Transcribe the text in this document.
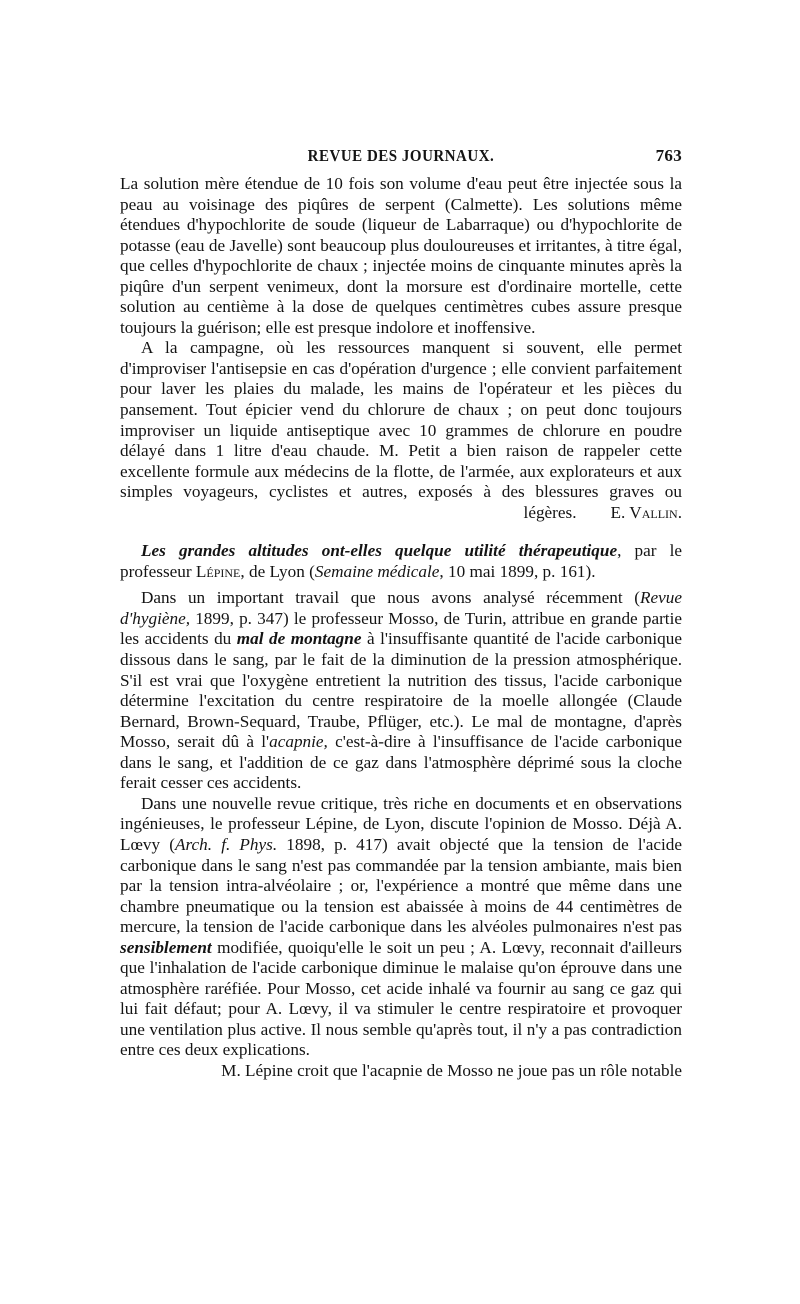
REVUE DES JOURNAUX.	763

La solution mère étendue de 10 fois son volume d'eau peut être injectée sous la peau au voisinage des piqûres de serpent (Calmette). Les solutions même étendues d'hypochlorite de soude (liqueur de Labarraque) ou d'hypochlorite de potasse (eau de Javelle) sont beaucoup plus douloureuses et irritantes, à titre égal, que celles d'hypochlorite de chaux ; injectée moins de cinquante minutes après la piqûre d'un serpent venimeux, dont la morsure est d'ordinaire mortelle, cette solution au centième à la dose de quelques centimètres cubes assure presque toujours la guérison; elle est presque indolore et inoffensive.

A la campagne, où les ressources manquent si souvent, elle permet d'improviser l'antisepsie en cas d'opération d'urgence ; elle convient parfaitement pour laver les plaies du malade, les mains de l'opérateur et les pièces du pansement. Tout épicier vend du chlorure de chaux ; on peut donc toujours improviser un liquide antiseptique avec 10 grammes de chlorure en poudre délayé dans 1 litre d'eau chaude. M. Petit a bien raison de rappeler cette excellente formule aux médecins de la flotte, de l'armée, aux explorateurs et aux simples voyageurs, cyclistes et autres, exposés à des blessures graves ou légères. E. Vallin.

Les grandes altitudes ont-elles quelque utilité thérapeutique, par le professeur Lépine, de Lyon (Semaine médicale, 10 mai 1899, p. 161).

Dans un important travail que nous avons analysé récemment (Revue d'hygiène, 1899, p. 347) le professeur Mosso, de Turin, attribue en grande partie les accidents du mal de montagne à l'insuffisante quantité de l'acide carbonique dissous dans le sang, par le fait de la diminution de la pression atmosphérique. S'il est vrai que l'oxygène entretient la nutrition des tissus, l'acide carbonique détermine l'excitation du centre respiratoire de la moelle allongée (Claude Bernard, Brown-Sequard, Traube, Pflüger, etc.). Le mal de montagne, d'après Mosso, serait dû à l'acapnie, c'est-à-dire à l'insuffisance de l'acide carbonique dans le sang, et l'addition de ce gaz dans l'atmosphère déprimé sous la cloche ferait cesser ces accidents.

Dans une nouvelle revue critique, très riche en documents et en observations ingénieuses, le professeur Lépine, de Lyon, discute l'opinion de Mosso. Déjà A. Lœvy (Arch. f. Phys. 1898, p. 417) avait objecté que la tension de l'acide carbonique dans le sang n'est pas commandée par la tension ambiante, mais bien par la tension intra-alvéolaire ; or, l'expérience a montré que même dans une chambre pneumatique ou la tension est abaissée à moins de 44 centimètres de mercure, la tension de l'acide carbonique dans les alvéoles pulmonaires n'est pas sensiblement modifiée, quoiqu'elle le soit un peu ; A. Lœvy, reconnait d'ailleurs que l'inhalation de l'acide carbonique diminue le malaise qu'on éprouve dans une atmosphère raréfiée. Pour Mosso, cet acide inhalé va fournir au sang ce gaz qui lui fait défaut; pour A. Lœvy, il va stimuler le centre respiratoire et provoquer une ventilation plus active. Il nous semble qu'après tout, il n'y a pas contradiction entre ces deux explications.

M. Lépine croit que l'acapnie de Mosso ne joue pas un rôle notable
